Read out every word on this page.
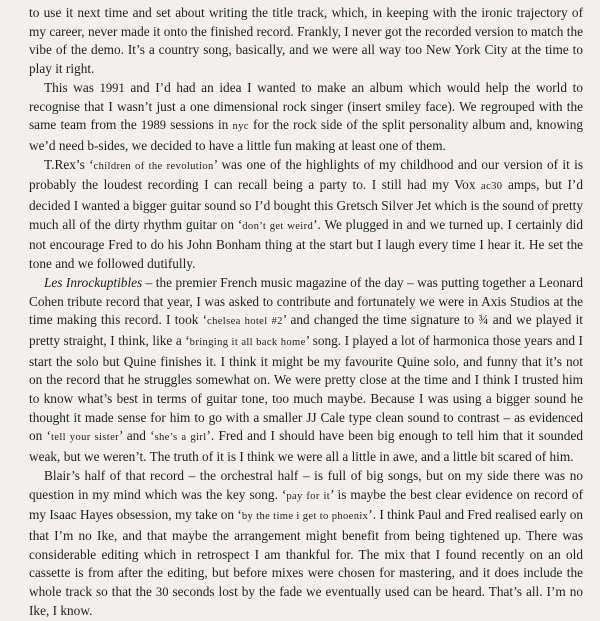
to use it next time and set about writing the title track, which, in keeping with the ironic trajectory of my career, never made it onto the finished record. Frankly, I never got the recorded version to match the vibe of the demo. It’s a country song, basically, and we were all way too New York City at the time to play it right.

This was 1991 and I’d had an idea I wanted to make an album which would help the world to recognise that I wasn’t just a one dimensional rock singer (insert smiley face). We regrouped with the same team from the 1989 sessions in nyc for the rock side of the split personality album and, knowing we’d need b-sides, we decided to have a little fun making at least one of them.

T.Rex’s ‘children of the revolution’ was one of the highlights of my childhood and our version of it is probably the loudest recording I can recall being a party to. I still had my Vox ac30 amps, but I’d decided I wanted a bigger guitar sound so I’d bought this Gretsch Silver Jet which is the sound of pretty much all of the dirty rhythm guitar on ‘don’t get weird’. We plugged in and we turned up. I certainly did not encourage Fred to do his John Bonham thing at the start but I laugh every time I hear it. He set the tone and we followed dutifully.

Les Inrockuptibles – the premier French music magazine of the day – was putting together a Leonard Cohen tribute record that year, I was asked to contribute and fortunately we were in Axis Studios at the time making this record. I took ‘chelsea hotel #2’ and changed the time signature to ¾ and we played it pretty straight, I think, like a ‘bringing it all back home’ song. I played a lot of harmonica those years and I start the solo but Quine finishes it. I think it might be my favourite Quine solo, and funny that it’s not on the record that he struggles somewhat on. We were pretty close at the time and I think I trusted him to know what’s best in terms of guitar tone, too much maybe. Because I was using a bigger sound he thought it made sense for him to go with a smaller JJ Cale type clean sound to contrast – as evidenced on ‘tell your sister’ and ‘she’s a girl’. Fred and I should have been big enough to tell him that it sounded weak, but we weren’t. The truth of it is I think we were all a little in awe, and a little bit scared of him.

Blair’s half of that record – the orchestral half – is full of big songs, but on my side there was no question in my mind which was the key song. ‘pay for it’ is maybe the best clear evidence on record of my Isaac Hayes obsession, my take on ‘by the time i get to phoenix’. I think Paul and Fred realised early on that I’m no Ike, and that maybe the arrangement might benefit from being tightened up. There was considerable editing which in retrospect I am thankful for. The mix that I found recently on an old cassette is from after the editing, but before mixes were chosen for mastering, and it does include the whole track so that the 30 seconds lost by the fade we eventually used can be heard. That’s all. I’m no Ike, I know.
